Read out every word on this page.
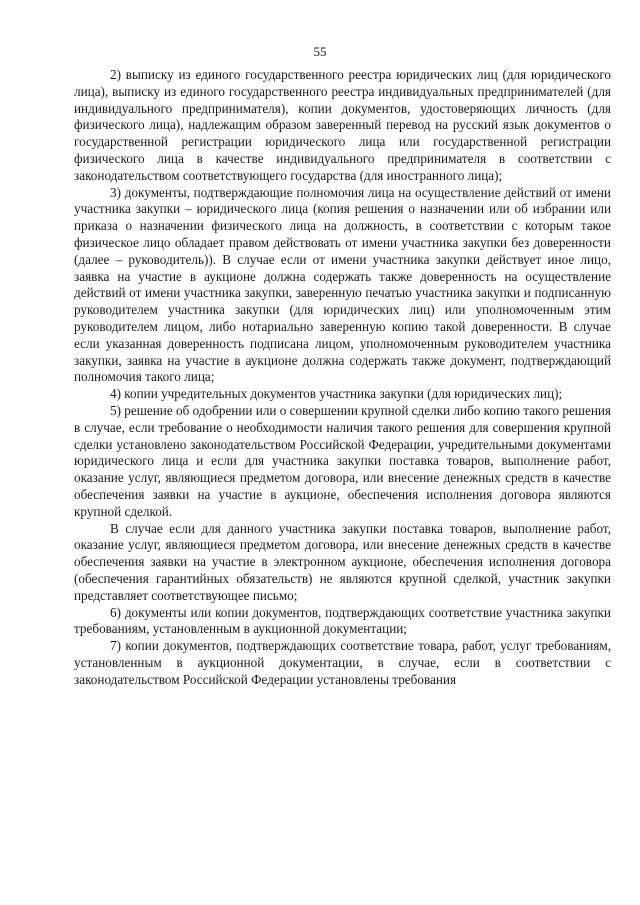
55

2) выписку из единого государственного реестра юридических лиц (для юридического лица), выписку из единого государственного реестра индивидуальных предпринимателей (для индивидуального предпринимателя), копии документов, удостоверяющих личность (для физического лица), надлежащим образом заверенный перевод на русский язык документов о государственной регистрации юридического лица или государственной регистрации физического лица в качестве индивидуального предпринимателя в соответствии с законодательством соответствующего государства (для иностранного лица);

3) документы, подтверждающие полномочия лица на осуществление действий от имени участника закупки – юридического лица (копия решения о назначении или об избрании или приказа о назначении физического лица на должность, в соответствии с которым такое физическое лицо обладает правом действовать от имени участника закупки без доверенности (далее – руководитель)). В случае если от имени участника закупки действует иное лицо, заявка на участие в аукционе должна содержать также доверенность на осуществление действий от имени участника закупки, заверенную печатью участника закупки и подписанную руководителем участника закупки (для юридических лиц) или уполномоченным этим руководителем лицом, либо нотариально заверенную копию такой доверенности. В случае если указанная доверенность подписана лицом, уполномоченным руководителем участника закупки, заявка на участие в аукционе должна содержать также документ, подтверждающий полномочия такого лица;

4) копии учредительных документов участника закупки (для юридических лиц);

5) решение об одобрении или о совершении крупной сделки либо копию такого решения в случае, если требование о необходимости наличия такого решения для совершения крупной сделки установлено законодательством Российской Федерации, учредительными документами юридического лица и если для участника закупки поставка товаров, выполнение работ, оказание услуг, являющиеся предметом договора, или внесение денежных средств в качестве обеспечения заявки на участие в аукционе, обеспечения исполнения договора являются крупной сделкой.

В случае если для данного участника закупки поставка товаров, выполнение работ, оказание услуг, являющиеся предметом договора, или внесение денежных средств в качестве обеспечения заявки на участие в электронном аукционе, обеспечения исполнения договора (обеспечения гарантийных обязательств) не являются крупной сделкой, участник закупки представляет соответствующее письмо;

6) документы или копии документов, подтверждающих соответствие участника закупки требованиям, установленным в аукционной документации;

7) копии документов, подтверждающих соответствие товара, работ, услуг требованиям, установленным в аукционной документации, в случае, если в соответствии с законодательством Российской Федерации установлены требования
